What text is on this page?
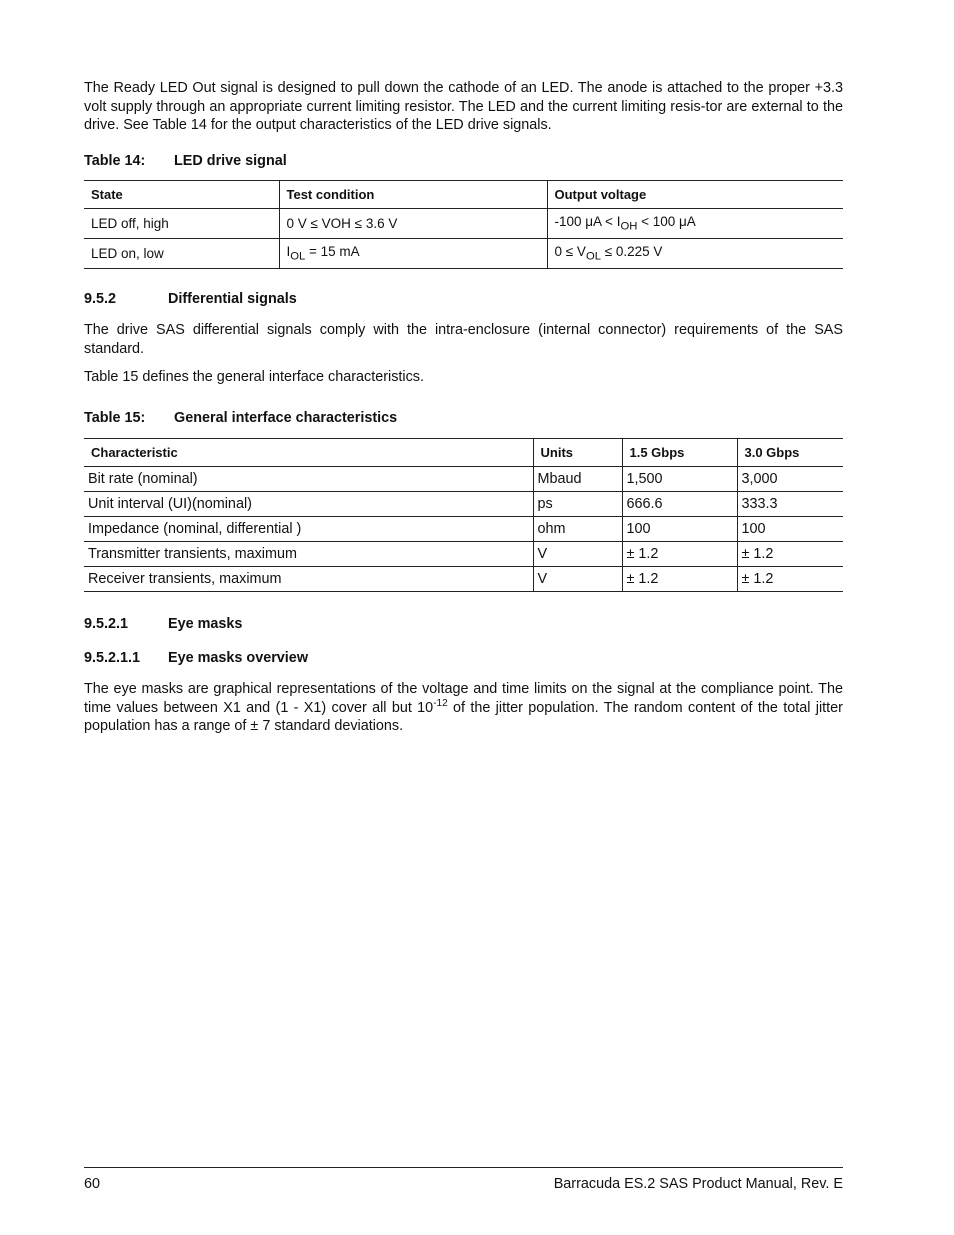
The Ready LED Out signal is designed to pull down the cathode of an LED. The anode is attached to the proper +3.3 volt supply through an appropriate current limiting resistor. The LED and the current limiting resis-tor are external to the drive. See Table 14 for the output characteristics of the LED drive signals.

Table 14: LED drive signal
State	Test condition	Output voltage
LED off, high	0 V ≤ VOH ≤ 3.6 V	-100 $\mu A < I_{OH} < 100$ μA
LED on, low	$I_{OL} = 15$ mA	$0 \le V_{OL} \le 0.225$ V
9.5.2	Differential signals

The drive SAS differential signals comply with the intra-enclosure (internal connector) requirements of the SAS standard.

Table 15 defines the general interface characteristics.

Table 15: General interface characteristics
Characteristic	Units	1.5 Gbps	3.0 Gbps
Bit rate (nominal)	Mbaud	1,500	3,000
Unit interval (UI)(nominal)	ps	666.6	333.3
Impedance (nominal, differential )	ohm	100	100
Transmitter transients, maximum	V	± 1.2	± 1.2
Receiver transients, maximum	V	± 1.2	± 1.2
9.5.2.1	Eye masks
9.5.2.1.1 Eye masks overview

The eye masks are graphical representations of the voltage and time limits on the signal at the compliance point. The time values between X1 and (1 - X1) cover all but $10^{-12}$ of the jitter population. The random content of the total jitter population has a range of ± 7 standard deviations.

60	Barracuda ES.2 SAS Product Manual, Rev. E
